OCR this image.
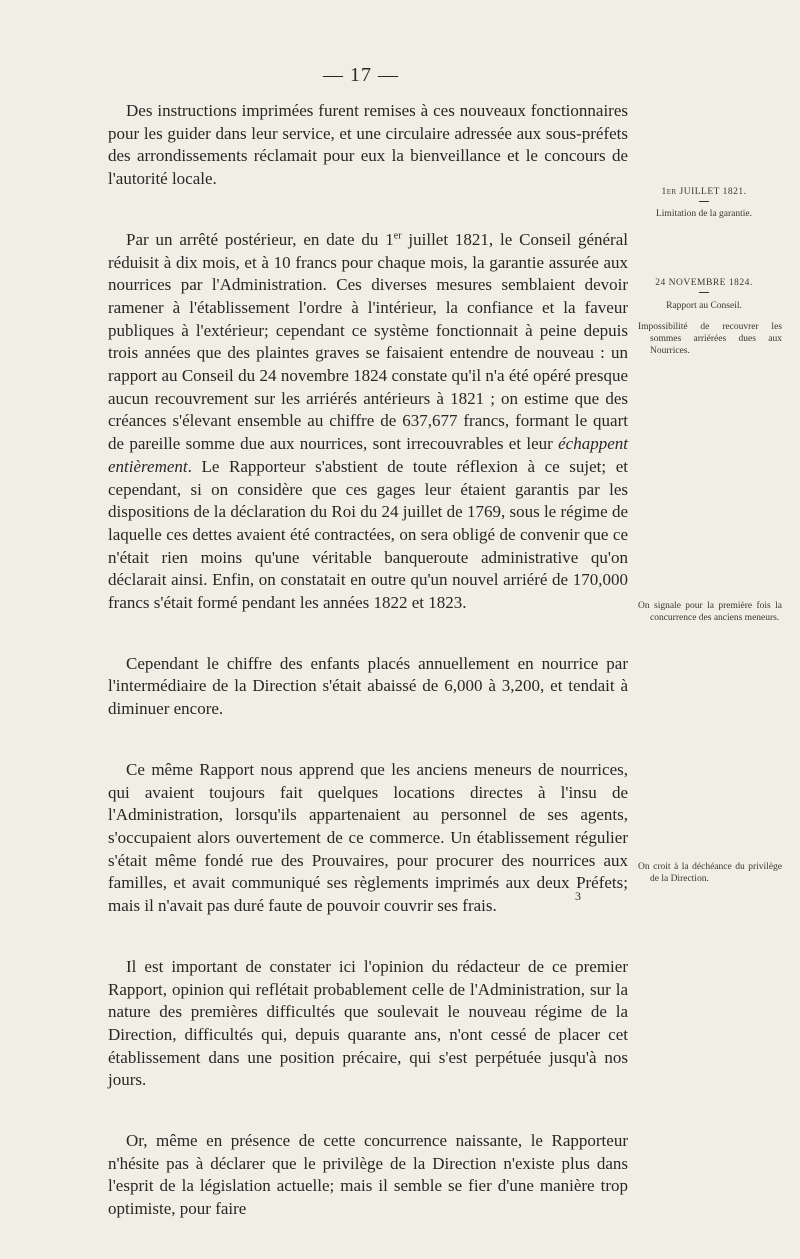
— 17 —

Des instructions imprimées furent remises à ces nouveaux fonctionnaires pour les guider dans leur service, et une circulaire adressée aux sous-préfets des arrondissements réclamait pour eux la bienveillance et le concours de l'autorité locale.

Par un arrêté postérieur, en date du 1er juillet 1821, le Conseil général réduisit à dix mois, et à 10 francs pour chaque mois, la garantie assurée aux nourrices par l'Administration. Ces diverses mesures semblaient devoir ramener à l'établissement l'ordre à l'intérieur, la confiance et la faveur publiques à l'extérieur; cependant ce système fonctionnait à peine depuis trois années que des plaintes graves se faisaient entendre de nouveau : un rapport au Conseil du 24 novembre 1824 constate qu'il n'a été opéré presque aucun recouvrement sur les arriérés antérieurs à 1821 ; on estime que des créances s'élevant ensemble au chiffre de 637,677 francs, formant le quart de pareille somme due aux nourrices, sont irrecouvrables et leur échappent entièrement. Le Rapporteur s'abstient de toute réflexion à ce sujet; et cependant, si on considère que ces gages leur étaient garantis par les dispositions de la déclaration du Roi du 24 juillet de 1769, sous le régime de laquelle ces dettes avaient été contractées, on sera obligé de convenir que ce n'était rien moins qu'une véritable banqueroute administrative qu'on déclarait ainsi. Enfin, on constatait en outre qu'un nouvel arriéré de 170,000 francs s'était formé pendant les années 1822 et 1823.

Cependant le chiffre des enfants placés annuellement en nourrice par l'intermédiaire de la Direction s'était abaissé de 6,000 à 3,200, et tendait à diminuer encore.

Ce même Rapport nous apprend que les anciens meneurs de nourrices, qui avaient toujours fait quelques locations directes à l'insu de l'Administration, lorsqu'ils appartenaient au personnel de ses agents, s'occupaient alors ouvertement de ce commerce. Un établissement régulier s'était même fondé rue des Prouvaires, pour procurer des nourrices aux familles, et avait communiqué ses règlements imprimés aux deux Préfets; mais il n'avait pas duré faute de pouvoir couvrir ses frais.

Il est important de constater ici l'opinion du rédacteur de ce premier Rapport, opinion qui reflétait probablement celle de l'Administration, sur la nature des premières difficultés que soulevait le nouveau régime de la Direction, difficultés qui, depuis quarante ans, n'ont cessé de placer cet établissement dans une position précaire, qui s'est perpétuée jusqu'à nos jours.

Or, même en présence de cette concurrence naissante, le Rapporteur n'hésite pas à déclarer que le privilège de la Direction n'existe plus dans l'esprit de la législation actuelle; mais il semble se fier d'une manière trop optimiste, pour faire

1er JUILLET 1821.
Limitation de la garantie.
24 NOVEMBRE 1824.
Rapport au Conseil.
Impossibilité de recouvrer les sommes arriérées dues aux Nourrices.
On signale pour la première fois la concurrence des anciens meneurs.
On croit à la déchéance du privilège de la Direction.
3
